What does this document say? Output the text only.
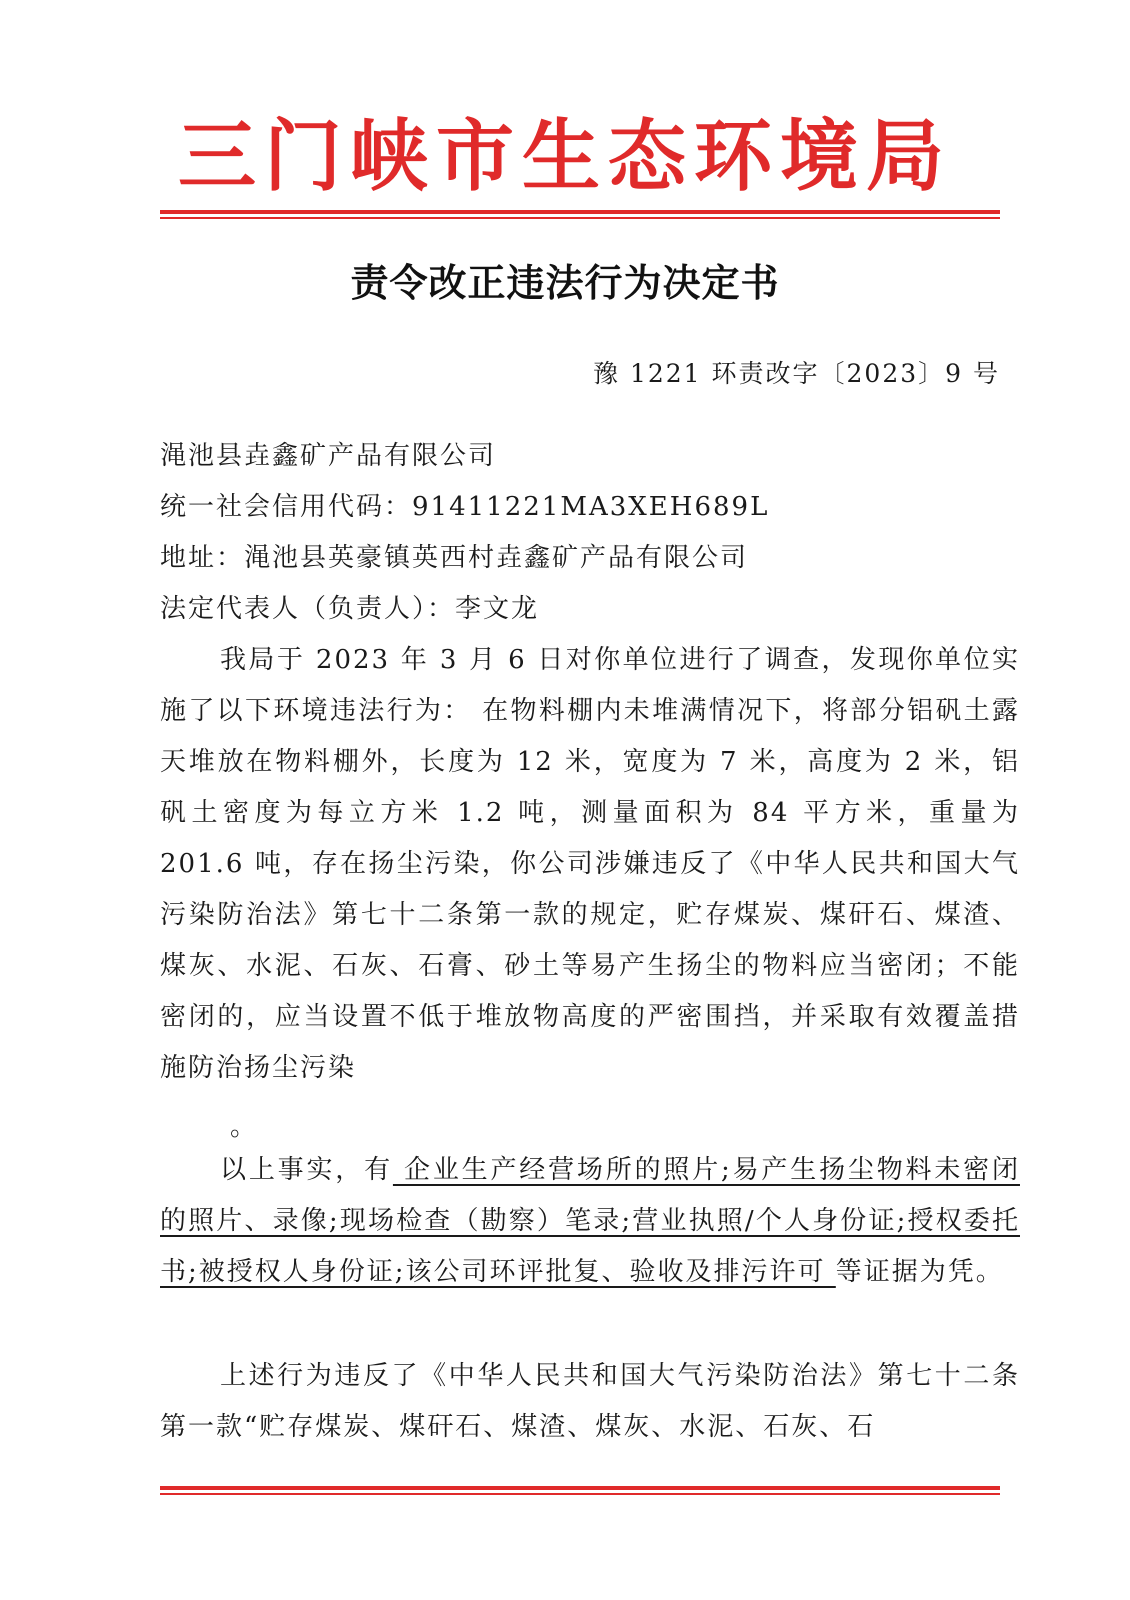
三门峡市生态环境局
责令改正违法行为决定书
豫 1221 环责改字〔2023〕9 号
渑池县垚鑫矿产品有限公司
统一社会信用代码：91411221MA3XEH689L
地址：渑池县英豪镇英西村垚鑫矿产品有限公司
法定代表人（负责人）：李文龙

我局于 2023 年 3 月 6 日对你单位进行了调查，发现你单位实施了以下环境违法行为： 在物料棚内未堆满情况下，将部分铝矾土露天堆放在物料棚外，长度为 12 米，宽度为 7 米，高度为 2 米，铝矾土密度为每立方米 1.2 吨，测量面积为 84 平方米，重量为 201.6 吨，存在扬尘污染，你公司涉嫌违反了《中华人民共和国大气污染防治法》第七十二条第一款的规定，贮存煤炭、煤矸石、煤渣、煤灰、水泥、石灰、石膏、砂土等易产生扬尘的物料应当密闭；不能密闭的，应当设置不低于堆放物高度的严密围挡，并采取有效覆盖措施防治扬尘污染

。

以上事实，有 企业生产经营场所的照片;易产生扬尘物料未密闭的照片、录像;现场检查（勘察）笔录;营业执照/个人身份证;授权委托书;被授权人身份证;该公司环评批复、验收及排污许可 等证据为凭。

上述行为违反了《中华人民共和国大气污染防治法》第七十二条第一款“贮存煤炭、煤矸石、煤渣、煤灰、水泥、石灰、石
